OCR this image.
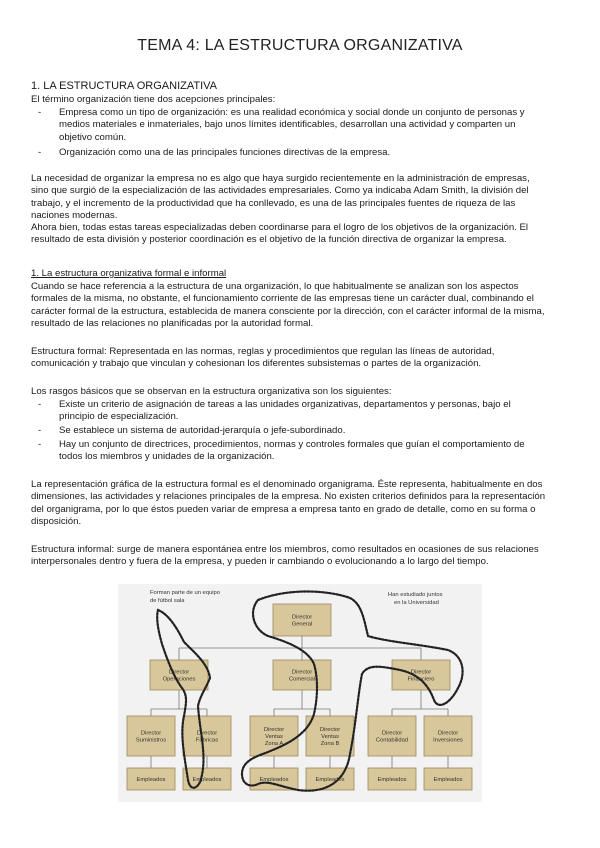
TEMA 4: LA ESTRUCTURA ORGANIZATIVA
1. LA ESTRUCTURA ORGANIZATIVA
El término organización tiene dos acepciones principales:
- Empresa como un tipo de organización: es una realidad económica y social donde un conjunto de personas y
medios materiales e inmateriales, bajo unos límites identificables, desarrollan una actividad y comparten un
objetivo común.
- Organización como una de las principales funciones directivas de la empresa.
La necesidad de organizar la empresa no es algo que haya surgido recientemente en la administración de empresas,
sino que surgió de la especialización de las actividades empresariales. Como ya indicaba Adam Smith, la división del
trabajo, y el incremento de la productividad que ha conllevado, es una de las principales fuentes de riqueza de las
naciones modernas.
Ahora bien, todas estas tareas especializadas deben coordinarse para el logro de los objetivos de la organización. El
resultado de esta división y posterior coordinación es el objetivo de la función directiva de organizar la empresa.
1. La estructura organizativa formal e informal
Cuando se hace referencia a la estructura de una organización, lo que habitualmente se analizan son los aspectos
formales de la misma, no obstante, el funcionamiento corriente de las empresas tiene un carácter dual, combinando el
carácter formal de la estructura, establecida de manera consciente por la dirección, con el carácter informal de la misma,
resultado de las relaciones no planificadas por la autoridad formal.
Estructura formal: Representada en las normas, reglas y procedimientos que regulan las líneas de autoridad,
comunicación y trabajo que vinculan y cohesionan los diferentes subsistemas o partes de la organización.
Los rasgos básicos que se observan en la estructura organizativa son los siguientes:
- Existe un criterio de asignación de tareas a las unidades organizativas, departamentos y personas, bajo el
principio de especialización.
- Se establece un sistema de autoridad-jerarquía o jefe-subordinado.
- Hay un conjunto de directrices, procedimientos, normas y controles formales que guían el comportamiento de
todos los miembros y unidades de la organización.
La representación gráfica de la estructura formal es el denominado organigrama. Éste representa, habitualmente en dos
dimensiones, las actividades y relaciones principales de la empresa. No existen criterios definidos para la representación
del organigrama, por lo que éstos pueden variar de empresa a empresa tanto en grado de detalle, como en su forma o
disposición.
Estructura informal: surge de manera espontánea entre los miembros, como resultados en ocasiones de sus relaciones
interpersonales dentro y fuera de la empresa, y pueden ir cambiando o evolucionando a lo largo del tiempo.
Director
General
Director
Operaciones
Director
Comercial
Director
Financiero
Director
Suministros
Director
Fábricas
Director
Ventas
Zona A
Director
Ventas
Zona B
Director
Contabilidad
Director
Inversiones
Empleados	Empleados	Empleados	Empleados	Empleados	Empleados
Forman parte de un equipo
de fútbol sala
Han estudiado juntos
en la Universidad
